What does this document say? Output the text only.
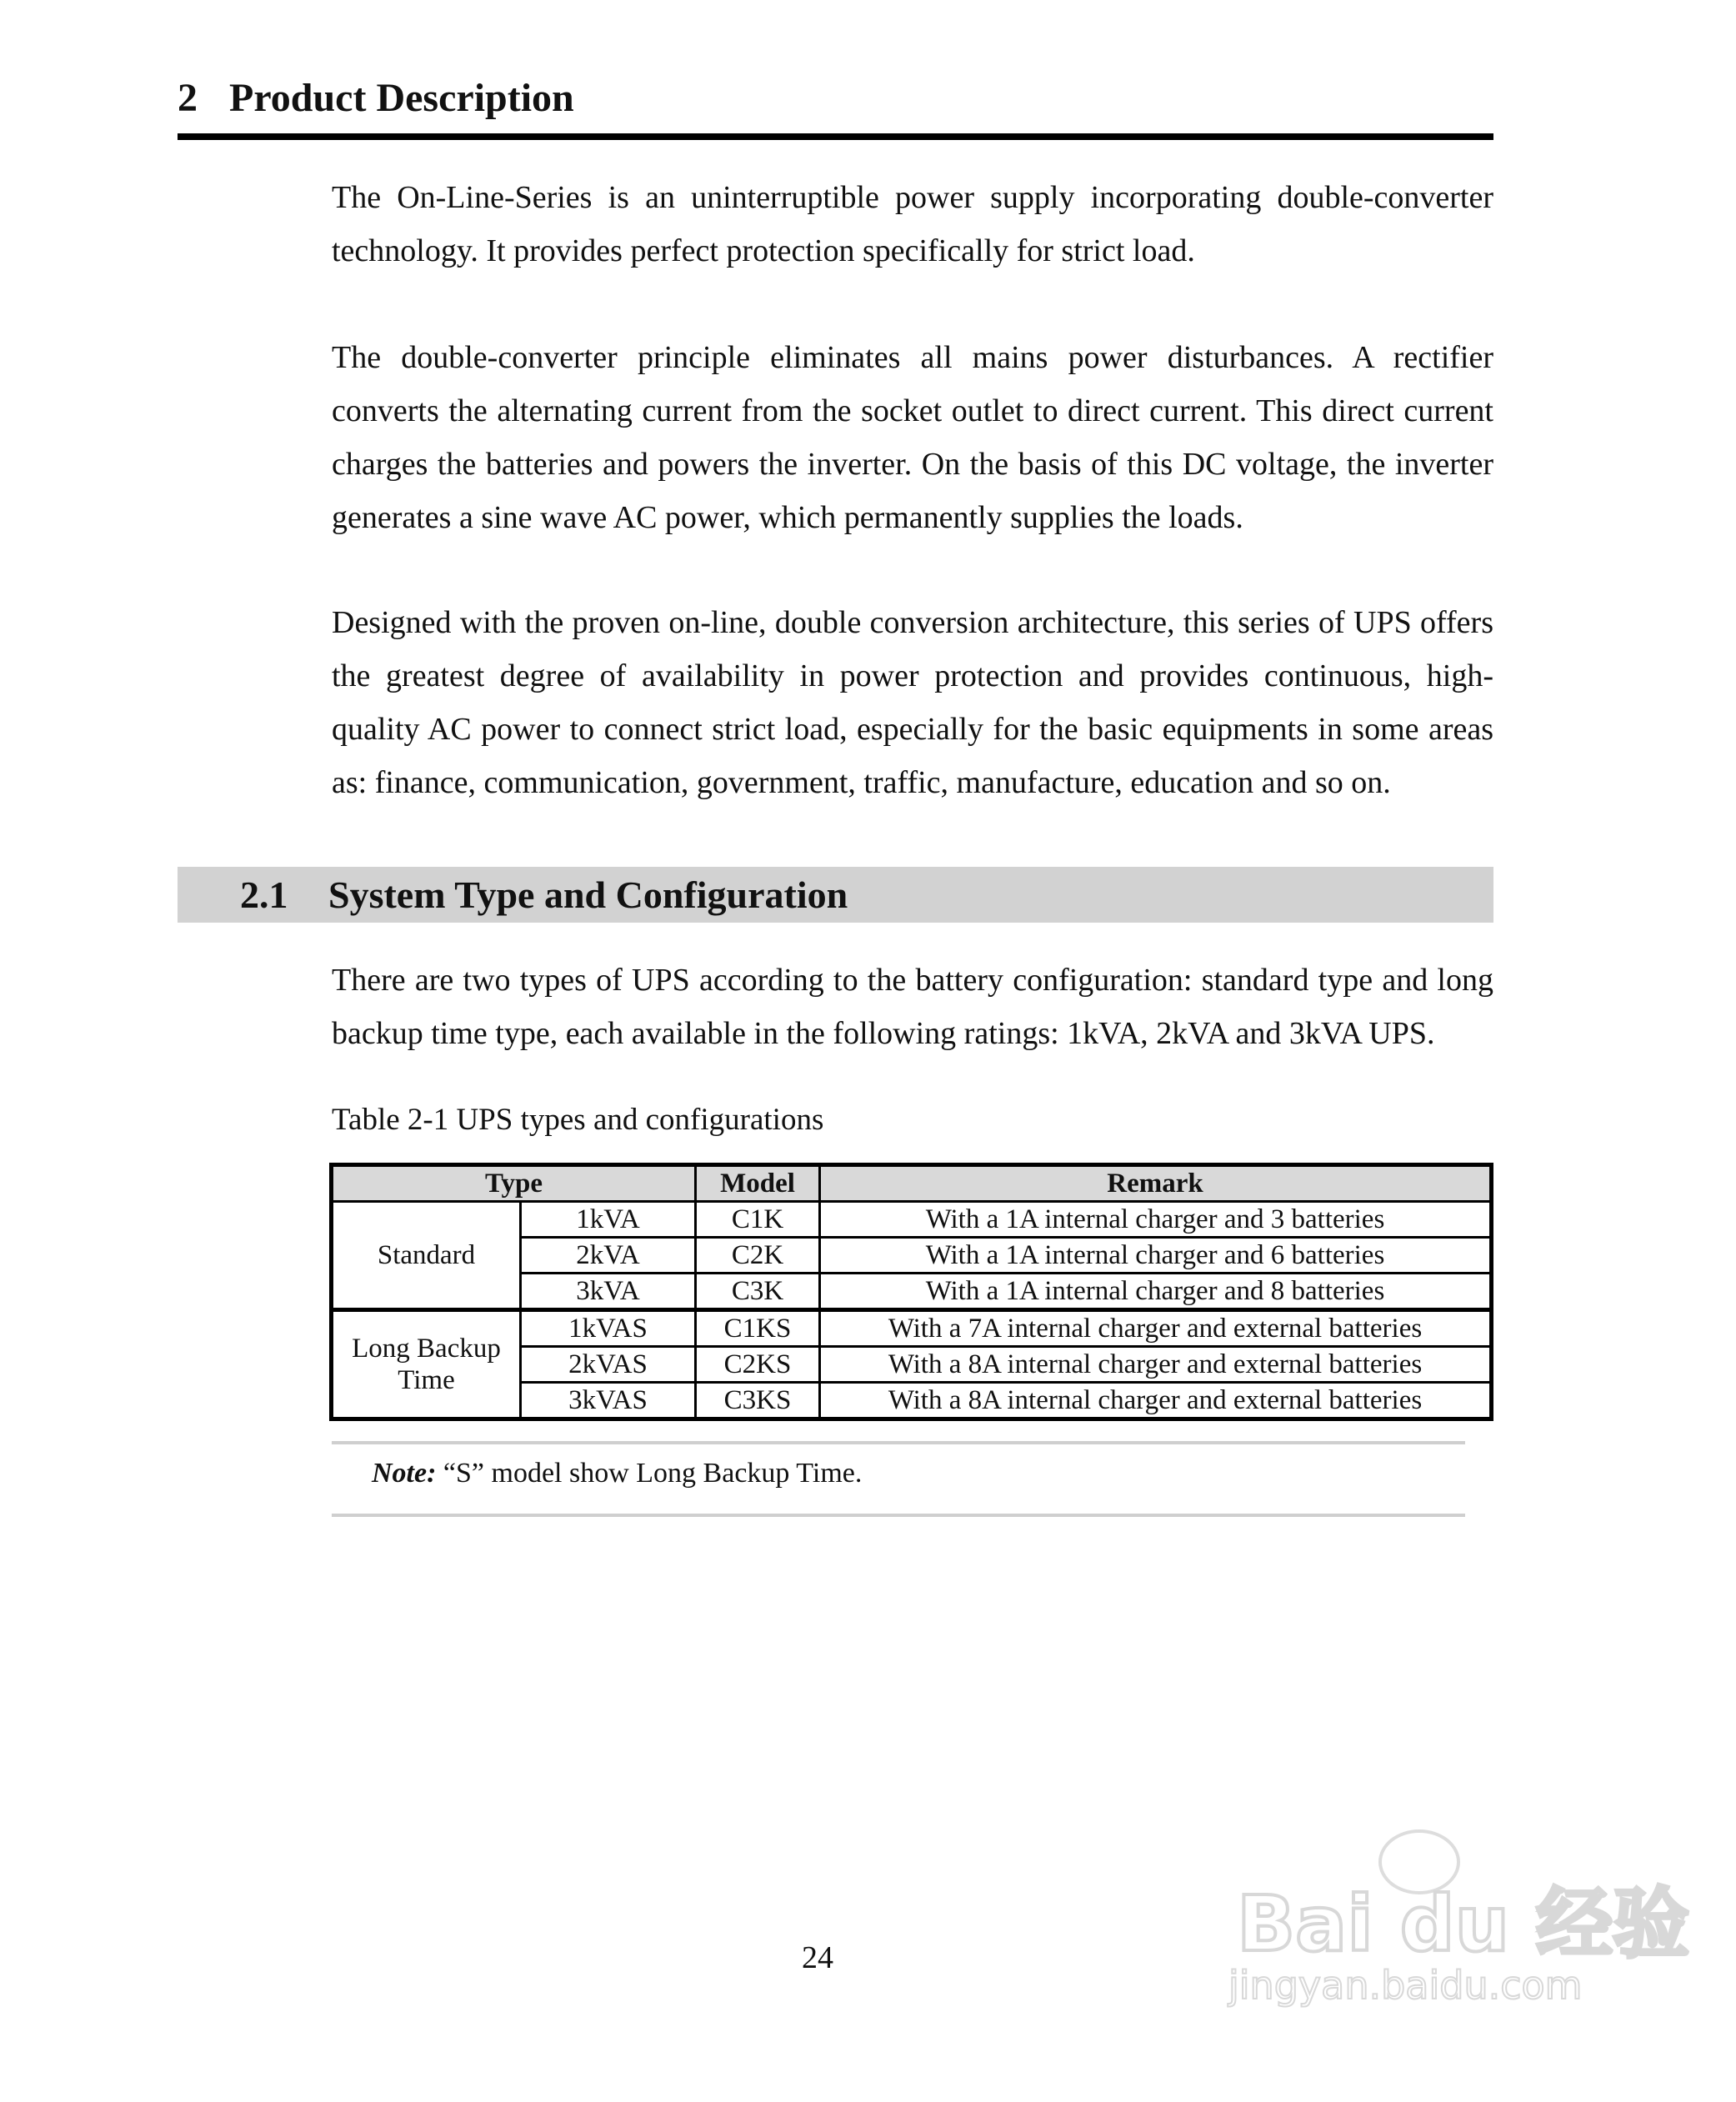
2 Product Description
The On-Line-Series is an uninterruptible power supply incorporating double-converter technology. It provides perfect protection specifically for strict load.
The double-converter principle eliminates all mains power disturbances. A rectifier converts the alternating current from the socket outlet to direct current. This direct current charges the batteries and powers the inverter. On the basis of this DC voltage, the inverter generates a sine wave AC power, which permanently supplies the loads.
Designed with the proven on-line, double conversion architecture, this series of UPS offers the greatest degree of availability in power protection and provides continuous, high-quality AC power to connect strict load, especially for the basic equipments in some areas as: finance, communication, government, traffic, manufacture, education and so on.
2.1 System Type and Configuration
There are two types of UPS according to the battery configuration: standard type and long backup time type, each available in the following ratings: 1kVA, 2kVA and 3kVA UPS.
Table 2-1 UPS types and configurations
Type		Model	Remark
Standard	1kVA	C1K	With a 1A internal charger and 3 batteries
	2kVA	C2K	With a 1A internal charger and 6 batteries
	3kVA	C3K	With a 1A internal charger and 8 batteries
Long Backup Time	1kVAS	C1KS	With a 7A internal charger and external batteries
	2kVAS	C2KS	With a 8A internal charger and external batteries
	3kVAS	C3KS	With a 8A internal charger and external batteries
Note: “S” model show Long Backup Time.
24	Bai du 经验
jingyan.baidu.com
